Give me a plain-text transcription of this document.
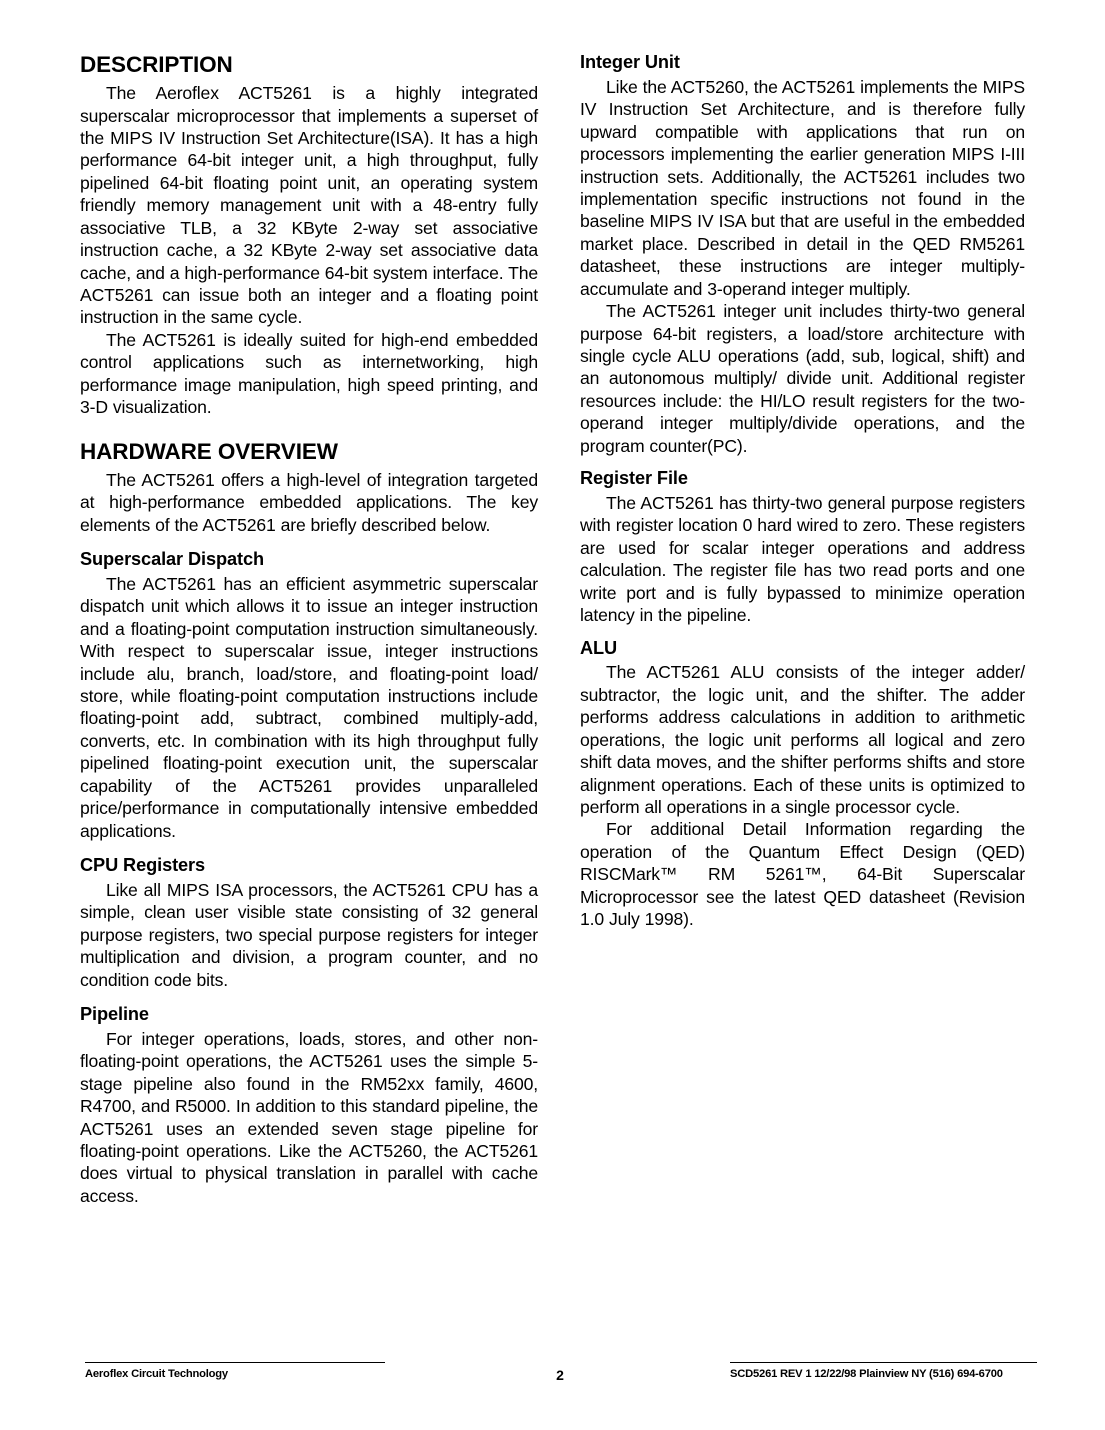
DESCRIPTION

The Aeroflex ACT5261 is a highly integrated superscalar microprocessor that implements a superset of the MIPS IV Instruction Set Architecture(ISA). It has a high performance 64-bit integer unit, a high throughput, fully pipelined 64-bit floating point unit, an operating system friendly memory management unit with a 48-entry fully associative TLB, a 32 KByte 2-way set associative instruction cache, a 32 KByte 2-way set associative data cache, and a high-performance 64-bit system interface. The ACT5261 can issue both an integer and a floating point instruction in the same cycle.

The ACT5261 is ideally suited for high-end embedded control applications such as internetworking, high performance image manipulation, high speed printing, and 3-D visualization.

HARDWARE OVERVIEW

The ACT5261 offers a high-level of integration targeted at high-performance embedded applications. The key elements of the ACT5261 are briefly described below.

Superscalar Dispatch

The ACT5261 has an efficient asymmetric superscalar dispatch unit which allows it to issue an integer instruction and a floating-point computation instruction simultaneously. With respect to superscalar issue, integer instructions include alu, branch, load/store, and floating-point load/ store, while floating-point computation instructions include floating-point add, subtract, combined multiply-add, converts, etc. In combination with its high throughput fully pipelined floating-point execution unit, the superscalar capability of the ACT5261 provides unparalleled price/performance in computationally intensive embedded applications.

CPU Registers

Like all MIPS ISA processors, the ACT5261 CPU has a simple, clean user visible state consisting of 32 general purpose registers, two special purpose registers for integer multiplication and division, a program counter, and no condition code bits.

Pipeline

For integer operations, loads, stores, and other non-floating-point operations, the ACT5261 uses the simple 5-stage pipeline also found in the RM52xx family, 4600, R4700, and R5000. In addition to this standard pipeline, the ACT5261 uses an extended seven stage pipeline for floating-point operations. Like the ACT5260, the ACT5261 does virtual to physical translation in parallel with cache access.

Integer Unit

Like the ACT5260, the ACT5261 implements the MIPS IV Instruction Set Architecture, and is therefore fully upward compatible with applications that run on processors implementing the earlier generation MIPS I-III instruction sets. Additionally, the ACT5261 includes two implementation specific instructions not found in the baseline MIPS IV ISA but that are useful in the embedded market place. Described in detail in the QED RM5261 datasheet, these instructions are integer multiply-accumulate and 3-operand integer multiply.

The ACT5261 integer unit includes thirty-two general purpose 64-bit registers, a load/store architecture with single cycle ALU operations (add, sub, logical, shift) and an autonomous multiply/ divide unit. Additional register resources include: the HI/LO result registers for the two-operand integer multiply/divide operations, and the program counter(PC).

Register File

The ACT5261 has thirty-two general purpose registers with register location 0 hard wired to zero. These registers are used for scalar integer operations and address calculation. The register file has two read ports and one write port and is fully bypassed to minimize operation latency in the pipeline.

ALU

The ACT5261 ALU consists of the integer adder/ subtractor, the logic unit, and the shifter. The adder performs address calculations in addition to arithmetic operations, the logic unit performs all logical and zero shift data moves, and the shifter performs shifts and store alignment operations. Each of these units is optimized to perform all operations in a single processor cycle.

For additional Detail Information regarding the operation of the Quantum Effect Design (QED) RISCMark™ RM 5261™, 64-Bit Superscalar Microprocessor see the latest QED datasheet (Revision 1.0 July 1998).

Aeroflex Circuit Technology	SCD5261 REV 1 12/22/98 Plainview NY (516) 694-6700
2
